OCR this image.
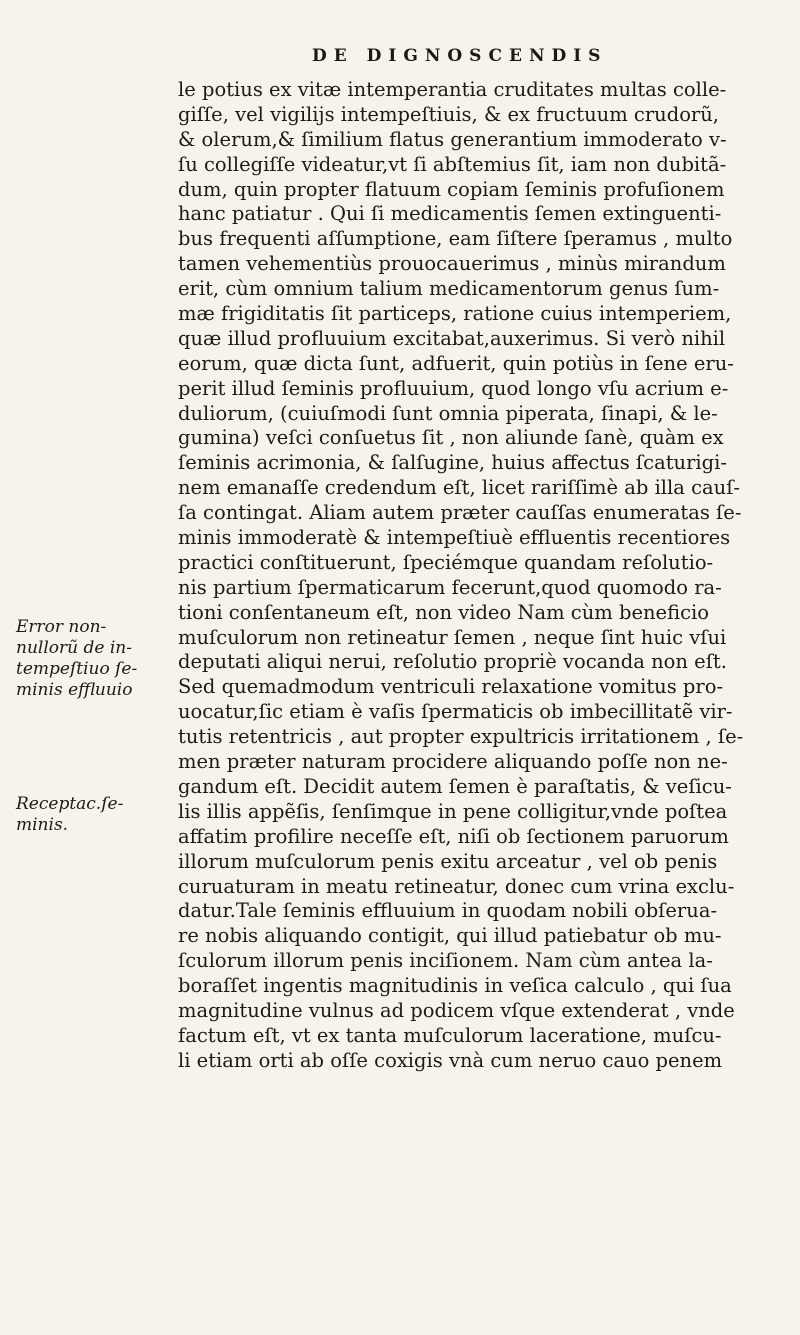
DE DIGNOSCENDIS
Error non-
nullorũ de in-
tempeſtiuo ſe-
minis effluuio
Receptac.ſe-
minis.
le potius ex vitæ intemperantia cruditates multas colle-
giſſe, vel vigilijs intempeſtiuis, & ex fructuum crudorũ,
& olerum,& ſimilium flatus generantium immoderato v-
ſu collegiſſe videatur,vt ſi abſtemius ſit, iam non dubitã-
dum, quin propter flatuum copiam ſeminis profuſionem
hanc patiatur . Qui ſi medicamentis ſemen extinguenti-
bus frequenti aſſumptione, eam ſiſtere ſperamus , multo
tamen vehementiùs prouocauerimus , minùs mirandum
erit, cùm omnium talium medicamentorum genus ſum-
mæ frigiditatis ſit particeps, ratione cuius intemperiem,
quæ illud profluuium excitabat,auxerimus. Si verò nihil
eorum, quæ dicta ſunt, adfuerit, quin potiùs in ſene eru-
perit illud ſeminis profluuium, quod longo vſu acrium e-
duliorum, (cuiuſmodi ſunt omnia piperata, ſinapi, & le-
gumina) veſci conſuetus ſit , non aliunde ſanè, quàm ex
ſeminis acrimonia, & ſalſugine, huius affectus ſcaturigi-
nem emanaſſe credendum eſt, licet rariſſimè ab illa cauſ-
ſa contingat. Aliam autem præter cauſſas enumeratas ſe-
minis immoderatè & intempeſtiuè effluentis recentiores
practici conſtituerunt, ſpeciémque quandam reſolutio-
nis partium ſpermaticarum fecerunt,quod quomodo ra-
tioni conſentaneum eſt, non video Nam cùm beneficio
muſculorum non retineatur ſemen , neque ſint huic vſui
deputati aliqui nerui, reſolutio propriè vocanda non eſt.
Sed quemadmodum ventriculi relaxatione vomitus pro-
uocatur,ſic etiam è vaſis ſpermaticis ob imbecillitatẽ vir-
tutis retentricis , aut propter expultricis irritationem , ſe-
men præter naturam procidere aliquando poſſe non ne-
gandum eſt. Decidit autem ſemen è paraſtatis, & veſicu-
lis illis appẽſis, ſenſimque in pene colligitur,vnde poſtea
affatim profilire neceſſe eſt, niſi ob ſectionem paruorum
illorum muſculorum penis exitu arceatur , vel ob penis
curuaturam in meatu retineatur, donec cum vrina exclu-
datur.Tale ſeminis effluuium in quodam nobili obſerua-
re nobis aliquando contigit, qui illud patiebatur ob mu-
ſculorum illorum penis inciſionem. Nam cùm antea la-
boraſſet ingentis magnitudinis in veſica calculo , qui ſua
magnitudine vulnus ad podicem vſque extenderat , vnde
factum eſt, vt ex tanta muſculorum laceratione, muſcu-
li etiam orti ab oſſe coxigis vnà cum neruo cauo penem
